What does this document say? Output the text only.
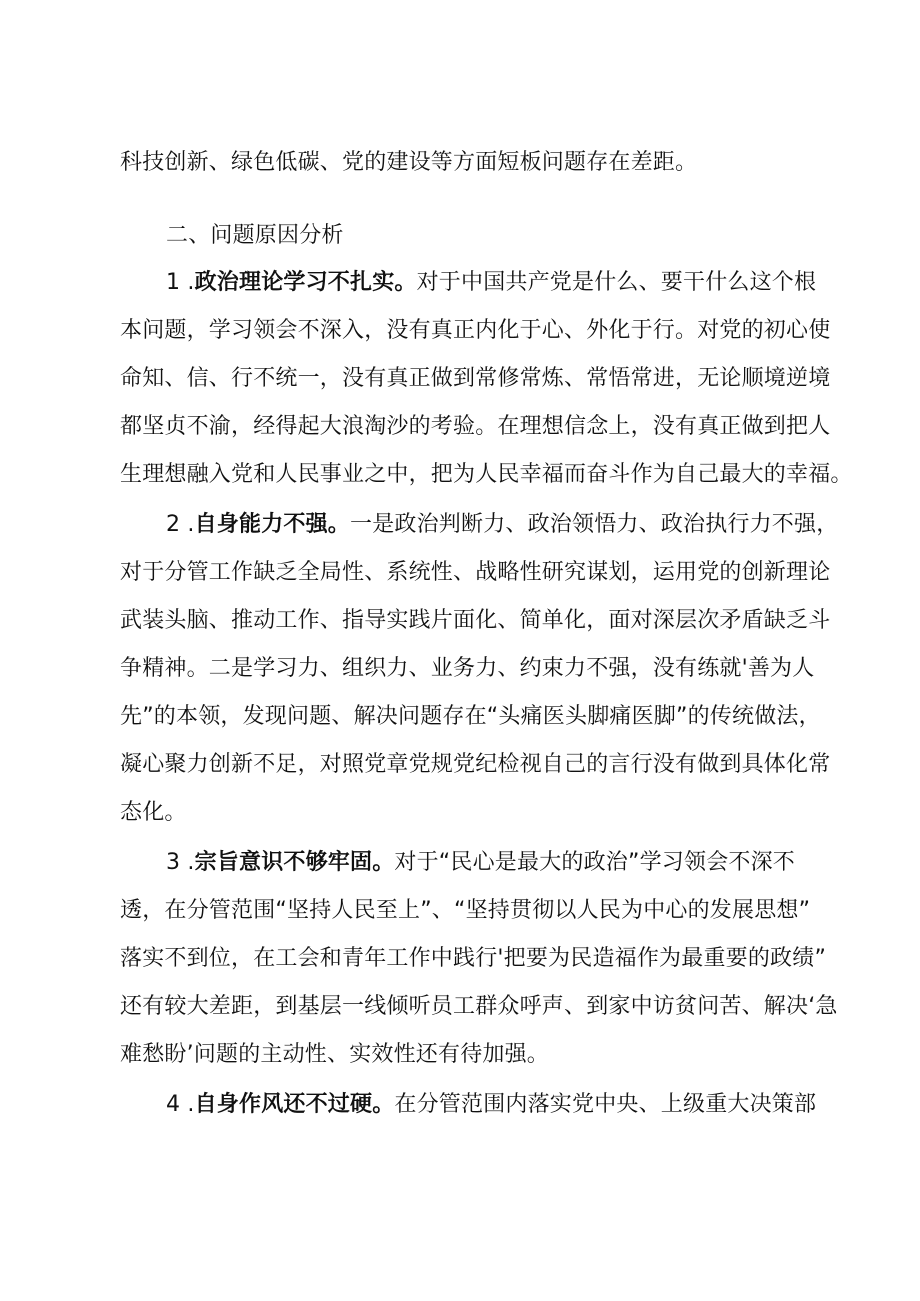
科技创新、绿色低碳、党的建设等方面短板问题存在差距。
二、问题原因分析
1 .政治理论学习不扎实。对于中国共产党是什么、要干什么这个根
本问题，学习领会不深入，没有真正内化于心、外化于行。对党的初心使
命知、信、行不统一，没有真正做到常修常炼、常悟常进，无论顺境逆境
都坚贞不渝，经得起大浪淘沙的考验。在理想信念上，没有真正做到把人
生理想融入党和人民事业之中，把为人民幸福而奋斗作为自己最大的幸福。
2 .自身能力不强。一是政治判断力、政治领悟力、政治执行力不强，
对于分管工作缺乏全局性、系统性、战略性研究谋划，运用党的创新理论
武装头脑、推动工作、指导实践片面化、简单化，面对深层次矛盾缺乏斗
争精神。二是学习力、组织力、业务力、约束力不强，没有练就'善为人
先”的本领，发现问题、解决问题存在“头痛医头脚痛医脚”的传统做法，
凝心聚力创新不足，对照党章党规党纪检视自己的言行没有做到具体化常
态化。
3 .宗旨意识不够牢固。对于“民心是最大的政治”学习领会不深不
透，在分管范围“坚持人民至上”、“坚持贯彻以人民为中心的发展思想”
落实不到位，在工会和青年工作中践行'把要为民造福作为最重要的政绩”
还有较大差距，到基层一线倾听员工群众呼声、到家中访贫问苦、解决‘急
难愁盼’问题的主动性、实效性还有待加强。
4 .自身作风还不过硬。在分管范围内落实党中央、上级重大决策部
